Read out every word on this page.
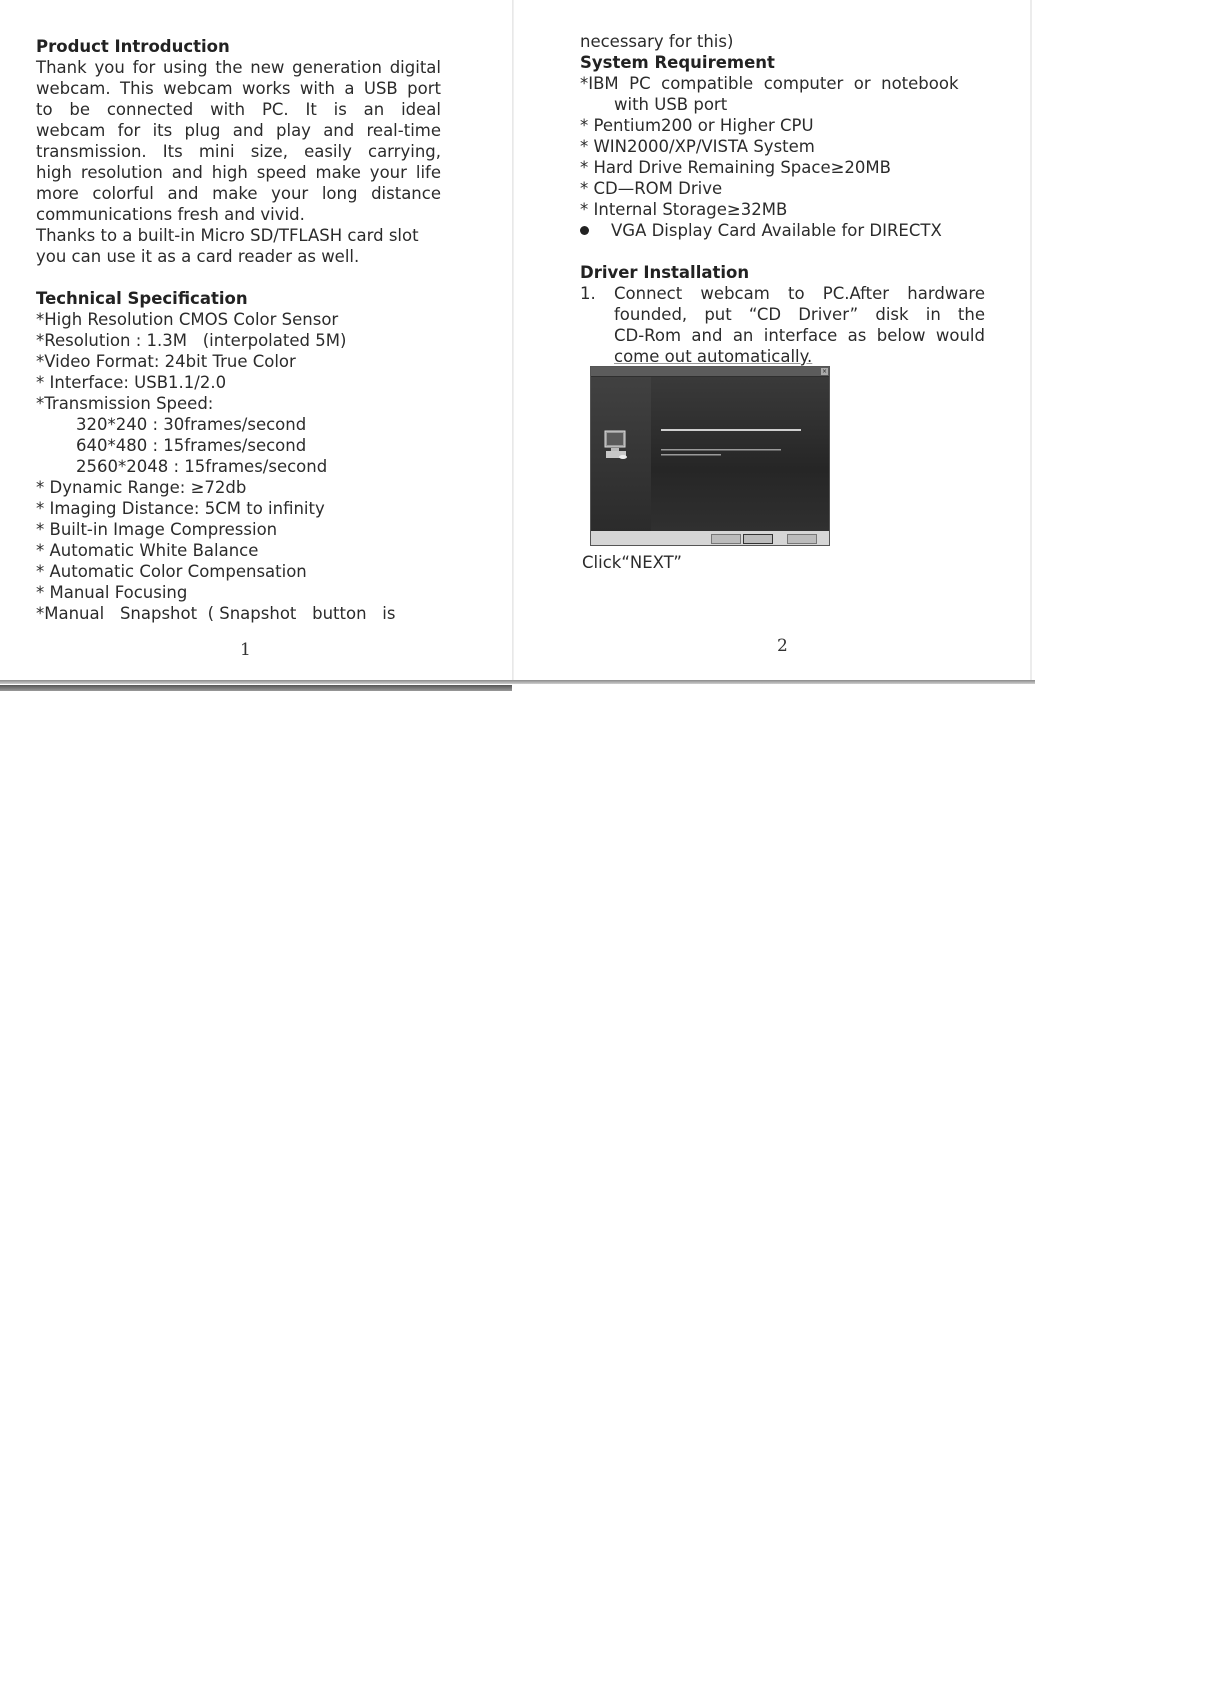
Product Introduction
Thank you for using the new generation digital
webcam. This webcam works with a USB port
to be connected with PC. It is an ideal
webcam for its plug and play and real-time
transmission. Its mini size, easily carrying,
high resolution and high speed make your life
more colorful and make your long distance
communications fresh and vivid.
Thanks to a built-in Micro SD/TFLASH card slot
you can use it as a card reader as well.
Technical Specification
*High Resolution CMOS Color Sensor
*Resolution : 1.3M   (interpolated 5M)
*Video Format: 24bit True Color
* Interface: USB1.1/2.0
*Transmission Speed:
320*240 : 30frames/second
640*480 : 15frames/second
2560*2048 : 15frames/second
* Dynamic Range: ≥72db
* Imaging Distance: 5CM to infinity
* Built-in Image Compression
* Automatic White Balance
* Automatic Color Compensation
* Manual Focusing
*Manual   Snapshot  ( Snapshot   button   is
1
necessary for this)
System Requirement
*IBM  PC  compatible  computer  or  notebook
with USB port
* Pentium200 or Higher CPU
* WIN2000/XP/VISTA System
* Hard Drive Remaining Space≥20MB
* CD—ROM Drive
* Internal Storage≥32MB
VGA Display Card Available for DIRECTX
Driver Installation
1. Connect webcam to PC.After hardware
founded, put “CD Driver” disk in the
CD-Rom and an interface as below would
come out automatically.
×
Click“NEXT”
2
